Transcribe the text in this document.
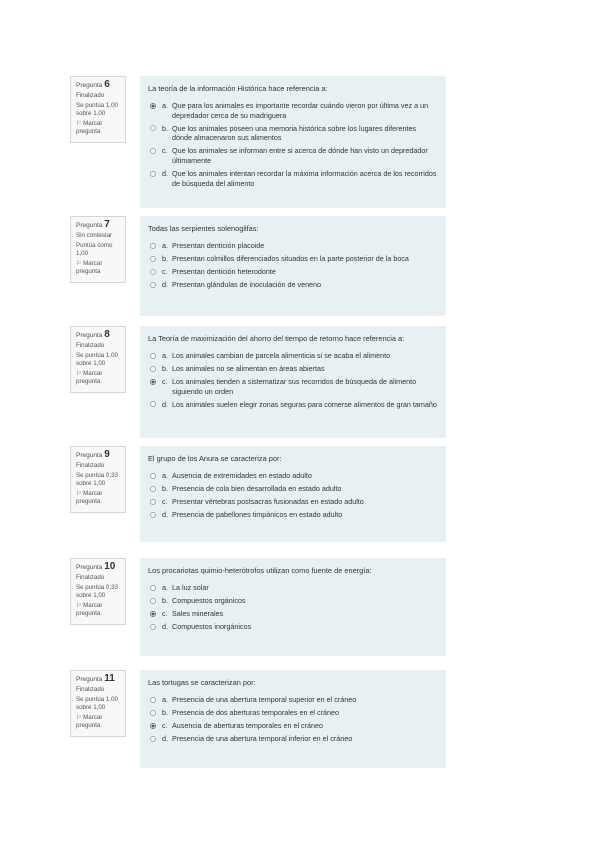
Pregunta 6
Finalizado
Se puntúa 1,00 sobre 1,00
⚐ Marcar pregunta
La teoría de la información Histórica hace referencia a:
a. Que para los animales es importante recordar cuándo vieron por última vez a un depredador cerca de su madriguera
b. Que los animales poseen una memoria histórica sobre los lugares diferentes dónde almacenaron sus alimentos
c. Que los animales se informan entre si acerca de dónde han visto un depredador últimamente
d. Que los animales intentan recordar la máxima información acerca de los recorridos de búsqueda del alimento
Pregunta 7
Sin contestar
Puntúa como 1,00
⚐ Marcar pregunta
Todas las serpientes solenoglifas:
a. Presentan dentición placoide
b. Presentan colmillos diferenciados situados en la parte posterior de la boca
c. Presentan dentición heterodonte
d. Presentan glándulas de inoculación de veneno
Pregunta 8
Finalizado
Se puntúa 1,00 sobre 1,00
⚐ Marcar pregunta
La Teoría de maximización del ahorro del tiempo de retorno hace referencia a:
a. Los animales cambian de parcela alimenticia si se acaba el alimento
b. Los animales no se alimentan en áreas abiertas
c. Los animales tienden a sistematizar sus recorridos de búsqueda de alimento siguiendo un orden
d. Los animales suelen elegir zonas seguras para comerse alimentos de gran tamaño
Pregunta 9
Finalizado
Se puntúa 0,33 sobre 1,00
⚐ Marcar pregunta
El grupo de los Anura se caracteriza por:
a. Ausencia de extremidades en estado adulto
b. Presencia de cola bien desarrollada en estado adulto
c. Presentar vértebras postsacras fusionadas en estado adulto
d. Presencia de pabellones timpánicos en estado adulto
Pregunta 10
Finalizado
Se puntúa 0,33 sobre 1,00
⚐ Marcar pregunta
Los procariotas quimio-heterótrofos utilizan como fuente de energía:
a. La luz solar
b. Compuestos orgánicos
c. Sales minerales
d. Compuestos inorgánicos
Pregunta 11
Finalizado
Se puntúa 1,00 sobre 1,00
⚐ Marcar pregunta
Las tortugas se caracterizan por:
a. Presencia de una abertura temporal superior en el cráneo
b. Presencia de dos aberturas temporales en el cráneo
c. Ausencia de aberturas temporales en el cráneo
d. Presencia de una abertura temporal inferior en el cráneo
